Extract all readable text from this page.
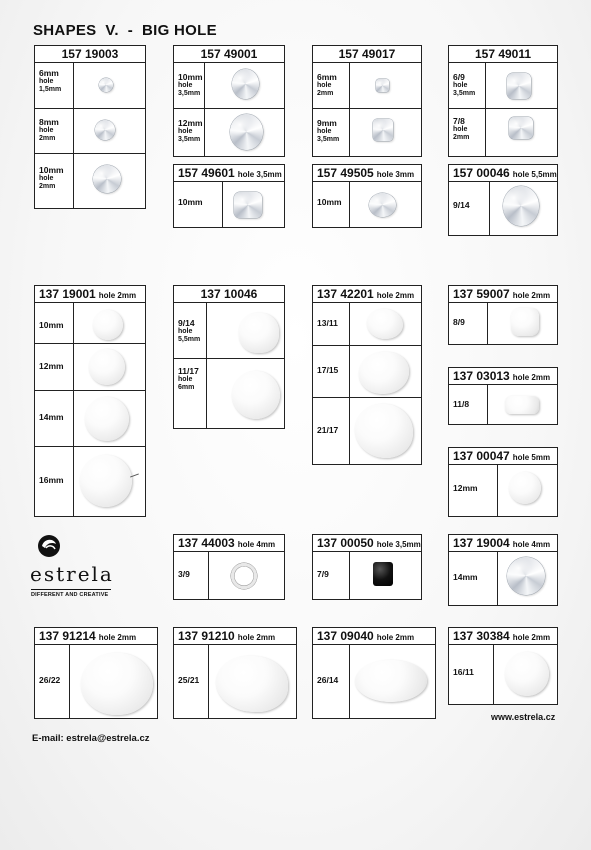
SHAPES  V.  -  BIG HOLE
157 19003
6mm
hole
1,5mm
8mm
hole
2mm
10mm
hole
2mm
157 49001
10mm
hole
3,5mm
12mm
hole
3,5mm
157 49017
6mm
hole
2mm
9mm
hole
3,5mm
157 49011
6/9
hole
3,5mm
7/8
hole
2mm
157 49601 hole 3,5mm
10mm
157 49505 hole 3mm
10mm
157 00046 hole 5,5mm
9/14
137 19001 hole 2mm
10mm
12mm
14mm
16mm
137 10046
9/14
hole
5,5mm
11/17
hole
6mm
137 42201 hole 2mm
13/11
17/15
21/17
137 59007 hole 2mm
8/9
137 03013 hole 2mm
11/8
137 00047 hole 5mm
12mm
estrela
DIFFERENT AND CREATIVE
137 44003 hole 4mm
3/9
137 00050 hole 3,5mm
7/9
137 19004 hole 4mm
14mm
137 91214 hole 2mm
26/22
137 91210 hole 2mm
25/21
137 09040 hole 2mm
26/14
137 30384 hole 2mm
16/11
www.estrela.cz
E-mail: estrela@estrela.cz
